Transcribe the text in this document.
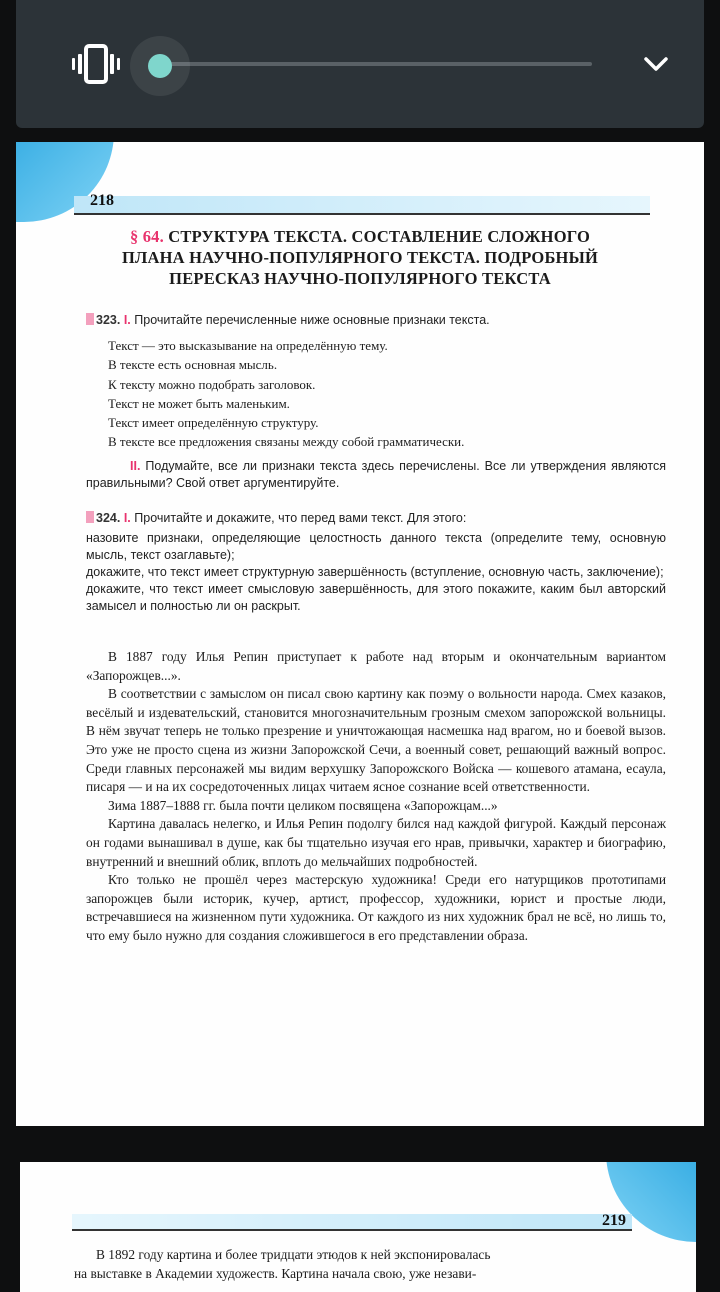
218
§ 64. СТРУКТУРА ТЕКСТА. СОСТАВЛЕНИЕ СЛОЖНОГО
ПЛАНА НАУЧНО-ПОПУЛЯРНОГО ТЕКСТА. ПОДРОБНЫЙ
ПЕРЕСКАЗ НАУЧНО-ПОПУЛЯРНОГО ТЕКСТА
323. I. Прочитайте перечисленные ниже основные признаки текста.
Текст — это высказывание на определённую тему.
В тексте есть основная мысль.
К тексту можно подобрать заголовок.
Текст не может быть маленьким.
Текст имеет определённую структуру.
В тексте все предложения связаны между собой грамматически.
II. Подумайте, все ли признаки текста здесь перечислены. Все ли утверждения являются правильными? Свой ответ аргументируйте.
324. I. Прочитайте и докажите, что перед вами текст. Для этого:
назовите признаки, определяющие целостность данного текста (определите тему, основную мысль, текст озаглавьте);
докажите, что текст имеет структурную завершённость (вступление, основную часть, заключение);
докажите, что текст имеет смысловую завершённость, для этого покажите, каким был авторский замысел и полностью ли он раскрыт.

В 1887 году Илья Репин приступает к работе над вторым и окончательным вариантом «Запорожцев...».

В соответствии с замыслом он писал свою картину как поэму о вольности народа. Смех казаков, весёлый и издевательский, становится многозначительным грозным смехом запорожской вольницы. В нём звучат теперь не только презрение и уничтожающая насмешка над врагом, но и боевой вызов. Это уже не просто сцена из жизни Запорожской Сечи, а военный совет, решающий важный вопрос. Среди главных персонажей мы видим верхушку Запорожского Войска — кошевого атамана, есаула, писаря — и на их сосредоточенных лицах читаем ясное сознание всей ответственности.

Зима 1887–1888 гг. была почти целиком посвящена «Запорожцам...»

Картина давалась нелегко, и Илья Репин подолгу бился над каждой фигурой. Каждый персонаж он годами вынашивал в душе, как бы тщательно изучая его нрав, привычки, характер и биографию, внутренний и внешний облик, вплоть до мельчайших подробностей.

Кто только не прошёл через мастерскую художника! Среди его натурщиков прототипами запорожцев были историк, кучер, артист, профессор, художники, юрист и простые люди, встречавшиеся на жизненном пути художника. От каждого из них художник брал не всё, но лишь то, что ему было нужно для создания сложившегося в его представлении образа.

219

В 1892 году картина и более тридцати этюдов к ней экспонировалась

на выставке в Академии художеств. Картина начала свою, уже незави-
